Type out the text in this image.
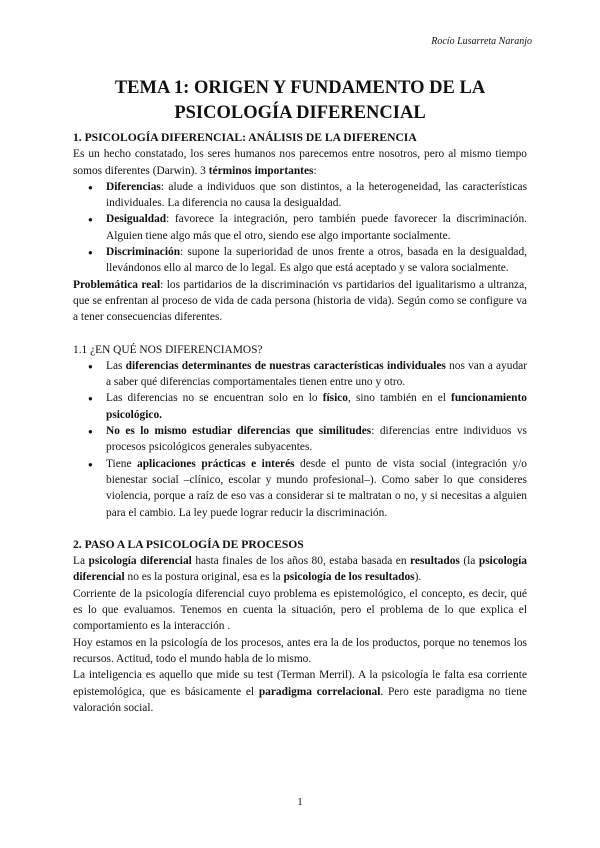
Rocío Lusarreta Naranjo
TEMA 1: ORIGEN Y FUNDAMENTO DE LA
PSICOLOGÍA DIFERENCIAL

1. PSICOLOGÍA DIFERENCIAL: ANÁLISIS DE LA DIFERENCIA

Es un hecho constatado, los seres humanos nos parecemos entre nosotros, pero al mismo tiempo somos diferentes (Darwin). 3 términos importantes:

● Diferencias: alude a individuos que son distintos, a la heterogeneidad, las características individuales. La diferencia no causa la desigualdad.
● Desigualdad: favorece la integración, pero también puede favorecer la discriminación. Alguien tiene algo más que el otro, siendo ese algo importante socialmente.
● Discriminación: supone la superioridad de unos frente a otros, basada en la desigualdad, llevándonos ello al marco de lo legal. Es algo que está aceptado y se valora socialmente.

Problemática real: los partidarios de la discriminación vs partidarios del igualitarismo a ultranza, que se enfrentan al proceso de vida de cada persona (historia de vida). Según como se configure va a tener consecuencias diferentes.

1.1 ¿EN QUÉ NOS DIFERENCIAMOS?

● Las diferencias determinantes de nuestras características individuales nos van a ayudar a saber qué diferencias comportamentales tienen entre uno y otro.
● Las diferencias no se encuentran solo en lo físico, sino también en el funcionamiento psicológico.
● No es lo mismo estudiar diferencias que similitudes: diferencias entre individuos vs procesos psicológicos generales subyacentes.
● Tiene aplicaciones prácticas e interés desde el punto de vista social (integración y/o bienestar social –clínico, escolar y mundo profesional–). Como saber lo que consideres violencia, porque a raíz de eso vas a considerar si te maltratan o no, y si necesitas a alguien para el cambio. La ley puede lograr reducir la discriminación.

2. PASO A LA PSICOLOGÍA DE PROCESOS

La psicología diferencial hasta finales de los años 80, estaba basada en resultados (la psicología diferencial no es la postura original, esa es la psicología de los resultados).

Corriente de la psicología diferencial cuyo problema es epistemológico, el concepto, es decir, qué es lo que evaluamos. Tenemos en cuenta la situación, pero el problema de lo que explica el comportamiento es la interacción .

Hoy estamos en la psicología de los procesos, antes era la de los productos, porque no tenemos los recursos. Actitud, todo el mundo habla de lo mismo.

La inteligencia es aquello que mide su test (Terman Merril). A la psicología le falta esa corriente epistemológica, que es básicamente el paradigma correlacional. Pero este paradigma no tiene valoración social.

1
